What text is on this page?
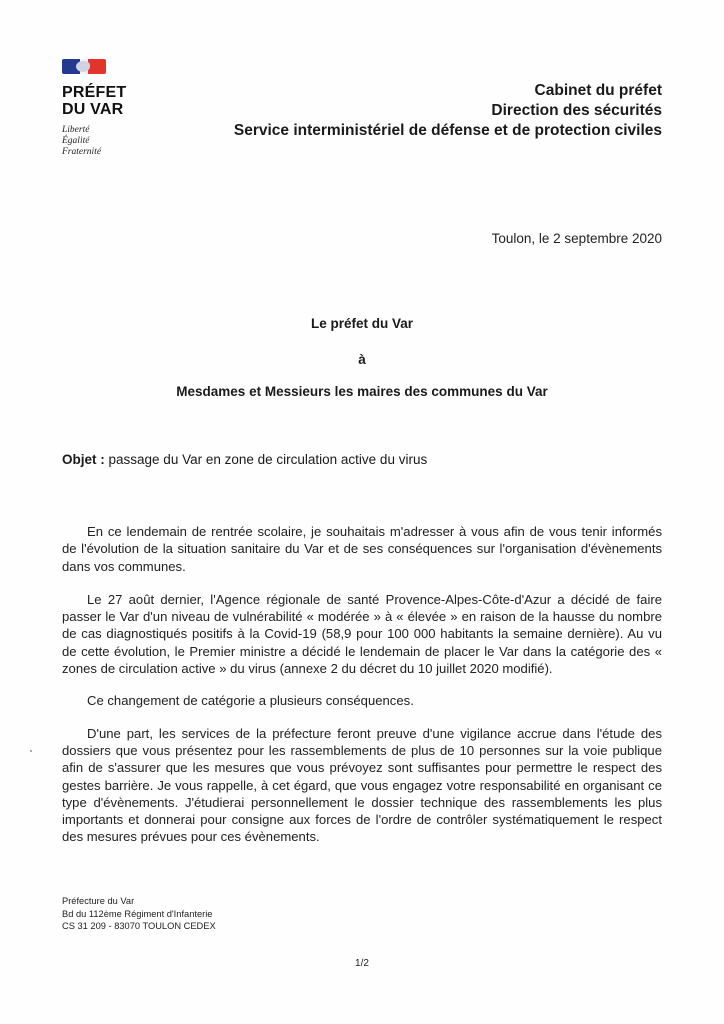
PRÉFET
DU VAR
Liberté
Égalité
Fraternité
Cabinet du préfet
Direction des sécurités
Service interministériel de défense et de protection civiles
Toulon, le 2 septembre 2020
Le préfet du Var
à
Mesdames et Messieurs les maires des communes du Var
Objet : passage du Var en zone de circulation active du virus

En ce lendemain de rentrée scolaire, je souhaitais m'adresser à vous afin de vous tenir informés de l'évolution de la situation sanitaire du Var et de ses conséquences sur l'organisation d'évènements dans vos communes.

Le 27 août dernier, l'Agence régionale de santé Provence-Alpes-Côte-d'Azur a décidé de faire passer le Var d'un niveau de vulnérabilité « modérée » à « élevée » en raison de la hausse du nombre de cas diagnostiqués positifs à la Covid-19 (58,9 pour 100 000 habitants la semaine dernière). Au vu de cette évolution, le Premier ministre a décidé le lendemain de placer le Var dans la catégorie des « zones de circulation active » du virus (annexe 2 du décret du 10 juillet 2020 modifié).

Ce changement de catégorie a plusieurs conséquences.

D'une part, les services de la préfecture feront preuve d'une vigilance accrue dans l'étude des dossiers que vous présentez pour les rassemblements de plus de 10 personnes sur la voie publique afin de s'assurer que les mesures que vous prévoyez sont suffisantes pour permettre le respect des gestes barrière. Je vous rappelle, à cet égard, que vous engagez votre responsabilité en organisant ce type d'évènements. J'étudierai personnellement le dossier technique des rassemblements les plus importants et donnerai pour consigne aux forces de l'ordre de contrôler systématiquement le respect des mesures prévues pour ces évènements.

Préfecture du Var
Bd du 112ème Régiment d'Infanterie
CS 31 209 - 83070 TOULON CEDEX
1/2
